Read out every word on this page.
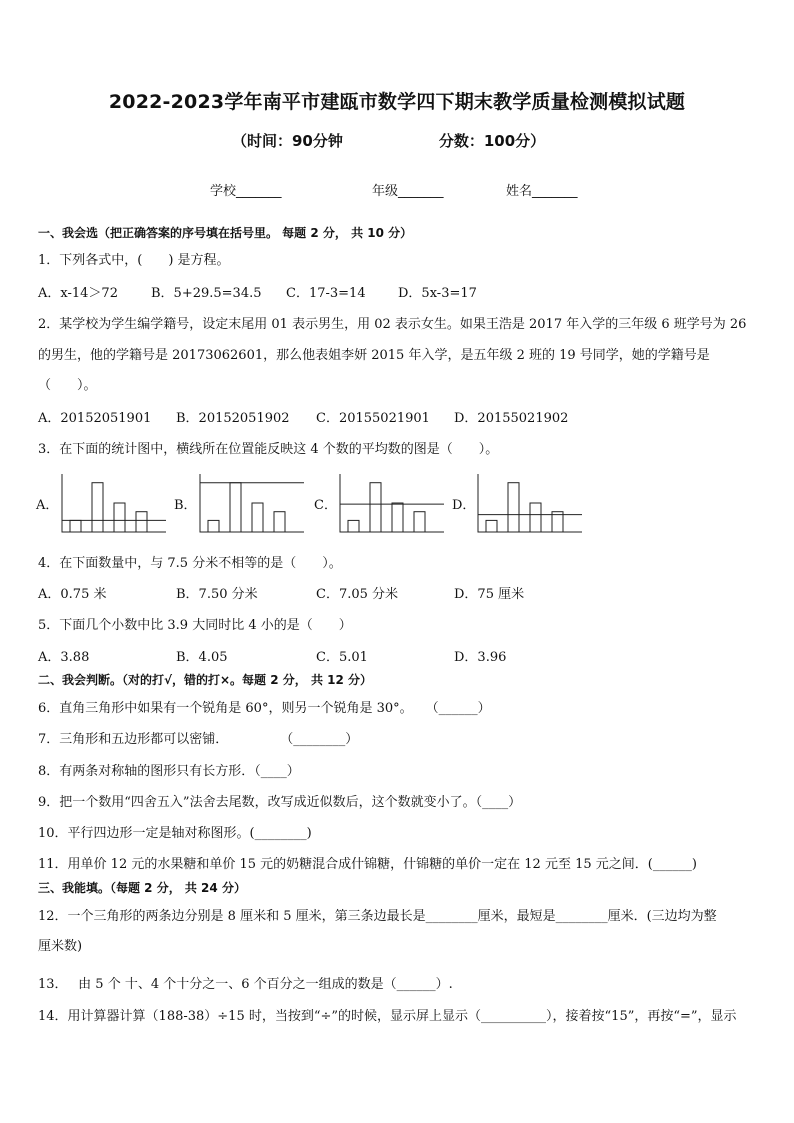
2022-2023学年南平市建瓯市数学四下期末教学质量检测模拟试题
（时间：90分钟	分数：100分）
学校_______	年级_______	姓名_______
一、我会选（把正确答案的序号填在括号里。 每题 2 分， 共 10 分）
1．下列各式中，(　　) 是方程。
A．x-14＞72	B．5+29.5=34.5 C．17-3=14 D．5x-3=17
2．某学校为学生编学籍号，设定末尾用 01 表示男生，用 02 表示女生。如果王浩是 2017 年入学的三年级 6 班学号为 26
的男生，他的学籍号是 20173062601，那么他表姐李妍 2015 年入学，是五年级 2 班的 19 号同学，她的学籍号是
（　　）。
A．20152051901 B．20152051902 C．20155021901 D．20155021902
3．在下面的统计图中，横线所在位置能反映这 4 个数的平均数的图是（　　）。
A．	B．	C．	D．
4．在下面数量中，与 7.5 分米不相等的是（　　）。
A．0.75 米	B．7.50 分米	C．7.05 分米	D．75 厘米
5．下面几个小数中比 3.9 大同时比 4 小的是（　　）
A．3.88	B．4.05	C．5.01	D．3.96
二、我会判断。（对的打√，错的打×。每题 2 分， 共 12 分）
6．直角三角形中如果有一个锐角是 60°，则另一个锐角是 30°。　　（______）
7．三角形和五边形都可以密铺．　　　　　（________）
8．有两条对称轴的图形只有长方形．（____）
9．把一个数用“四舍五入”法舍去尾数，改写成近似数后，这个数就变小了。（____）
10．平行四边形一定是轴对称图形。(________)
11．用单价 12 元的水果糖和单价 15 元的奶糖混合成什锦糖，什锦糖的单价一定在 12 元至 15 元之间．(______)
三、我能填。（每题 2 分， 共 24 分）
12．一个三角形的两条边分别是 8 厘米和 5 厘米，第三条边最长是________厘米，最短是________厘米．(三边均为整
厘米数)
13．　 由 5 个 十、4 个十分之一、6 个百分之一组成的数是（______）.
14．用计算器计算（188-38）÷15 时，当按到“÷”的时候，显示屏上显示（__________），接着按“15”，再按“=”，显示
